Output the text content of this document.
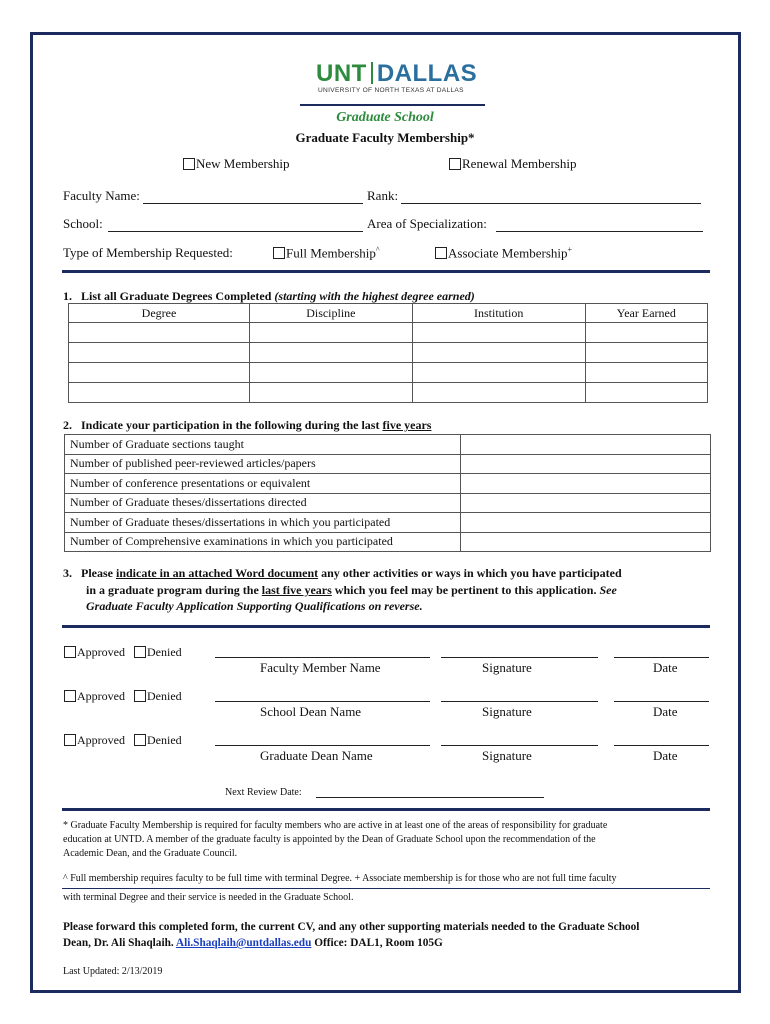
UNT DALLAS
UNIVERSITY OF NORTH TEXAS AT DALLAS
Graduate School
Graduate Faculty Membership*
New Membership	Renewal Membership
Faculty Name:	Rank:
School:	Area of Specialization:
Type of Membership Requested:	Full Membership^	Associate Membership+
1. List all Graduate Degrees Completed (starting with the highest degree earned)
Degree	Discipline	Institution	Year Earned

2. Indicate your participation in the following during the last five years
Number of Graduate sections taught	
Number of published peer-reviewed articles/papers	
Number of conference presentations or equivalent	
Number of Graduate theses/dissertations directed	
Number of Graduate theses/dissertations in which you participated	
Number of Comprehensive examinations in which you participated	
3. Please indicate in an attached Word document any other activities or ways in which you have participated
in a graduate program during the last five years which you feel may be pertinent to this application. See
Graduate Faculty Application Supporting Qualifications on reverse.
Approved Denied
Faculty Member Name	Signature	Date
Approved Denied
School Dean Name	Signature	Date
Approved Denied
Graduate Dean Name	Signature	Date
Next Review Date:
* Graduate Faculty Membership is required for faculty members who are active in at least one of the areas of responsibility for graduate
education at UNTD. A member of the graduate faculty is appointed by the Dean of Graduate School upon the recommendation of the
Academic Dean, and the Graduate Council.
^ Full membership requires faculty to be full time with terminal Degree. + Associate membership is for those who are not full time faculty
with terminal Degree and their service is needed in the Graduate School.
Please forward this completed form, the current CV, and any other supporting materials needed to the Graduate School
Dean, Dr. Ali Shaqlaih. Ali.Shaqlaih@untdallas.edu Office: DAL1, Room 105G
Last Updated: 2/13/2019
